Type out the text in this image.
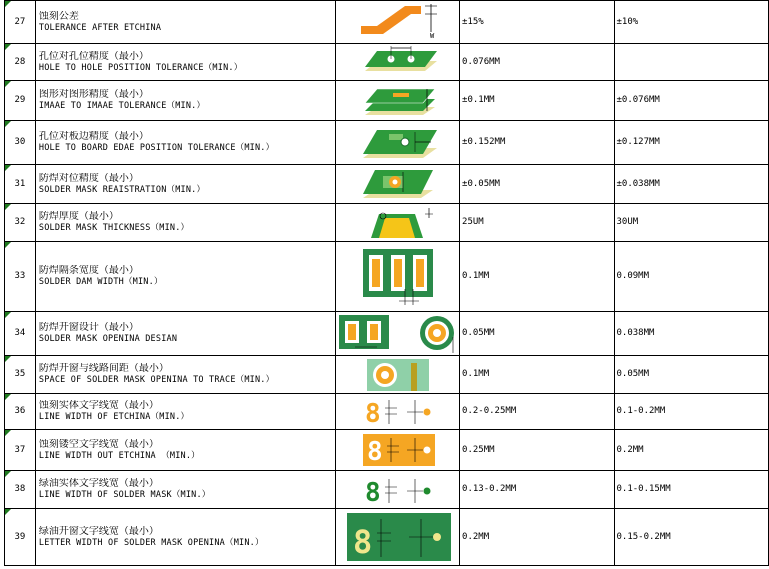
27	蚀刻公差
TOLERANCE AFTER ETCHINA	W	±15%	±10%
28	孔位对孔位精度（最小）
HOLE TO HOLE POSITION TOLERANCE（MIN.）		0.076MM	
29	图形对图形精度（最小）
IMAAE TO IMAAE TOLERANCE（MIN.）		±0.1MM	±0.076MM
30	孔位对板边精度（最小）
HOLE TO BOARD EDAE POSITION TOLERANCE（MIN.）		±0.152MM	±0.127MM
31	防焊对位精度（最小）
SOLDER MASK REAISTRATION（MIN.）		±0.05MM	±0.038MM
32	防焊厚度（最小）
SOLDER MASK THICKNESS（MIN.）		25UM	30UM
33	防焊隔条宽度（最小）
SOLDER DAM WIDTH（MIN.）		0.1MM	0.09MM
34	防焊开窗设计（最小）
SOLDER MASK OPENINA DESIAN		0.05MM	0.038MM
35	防焊开窗与线路间距（最小）
SPACE OF SOLDER MASK OPENINA TO TRACE（MIN.）		0.1MM	0.05MM
36	蚀刻实体文字线宽（最小）
LINE WIDTH OF ETCHINA（MIN.）	8	0.2-0.25MM	0.1-0.2MM
37	蚀刻镂空文字线宽（最小）
LINE WIDTH OUT ETCHINA （MIN.）	8	0.25MM	0.2MM
38	绿油实体文字线宽（最小）
LINE WIDTH OF SOLDER MASK（MIN.）	8	0.13-0.2MM	0.1-0.15MM
39	绿油开窗文字线宽（最小）
LETTER WIDTH OF SOLDER MASK OPENINA（MIN.）	8	0.2MM	0.15-0.2MM
